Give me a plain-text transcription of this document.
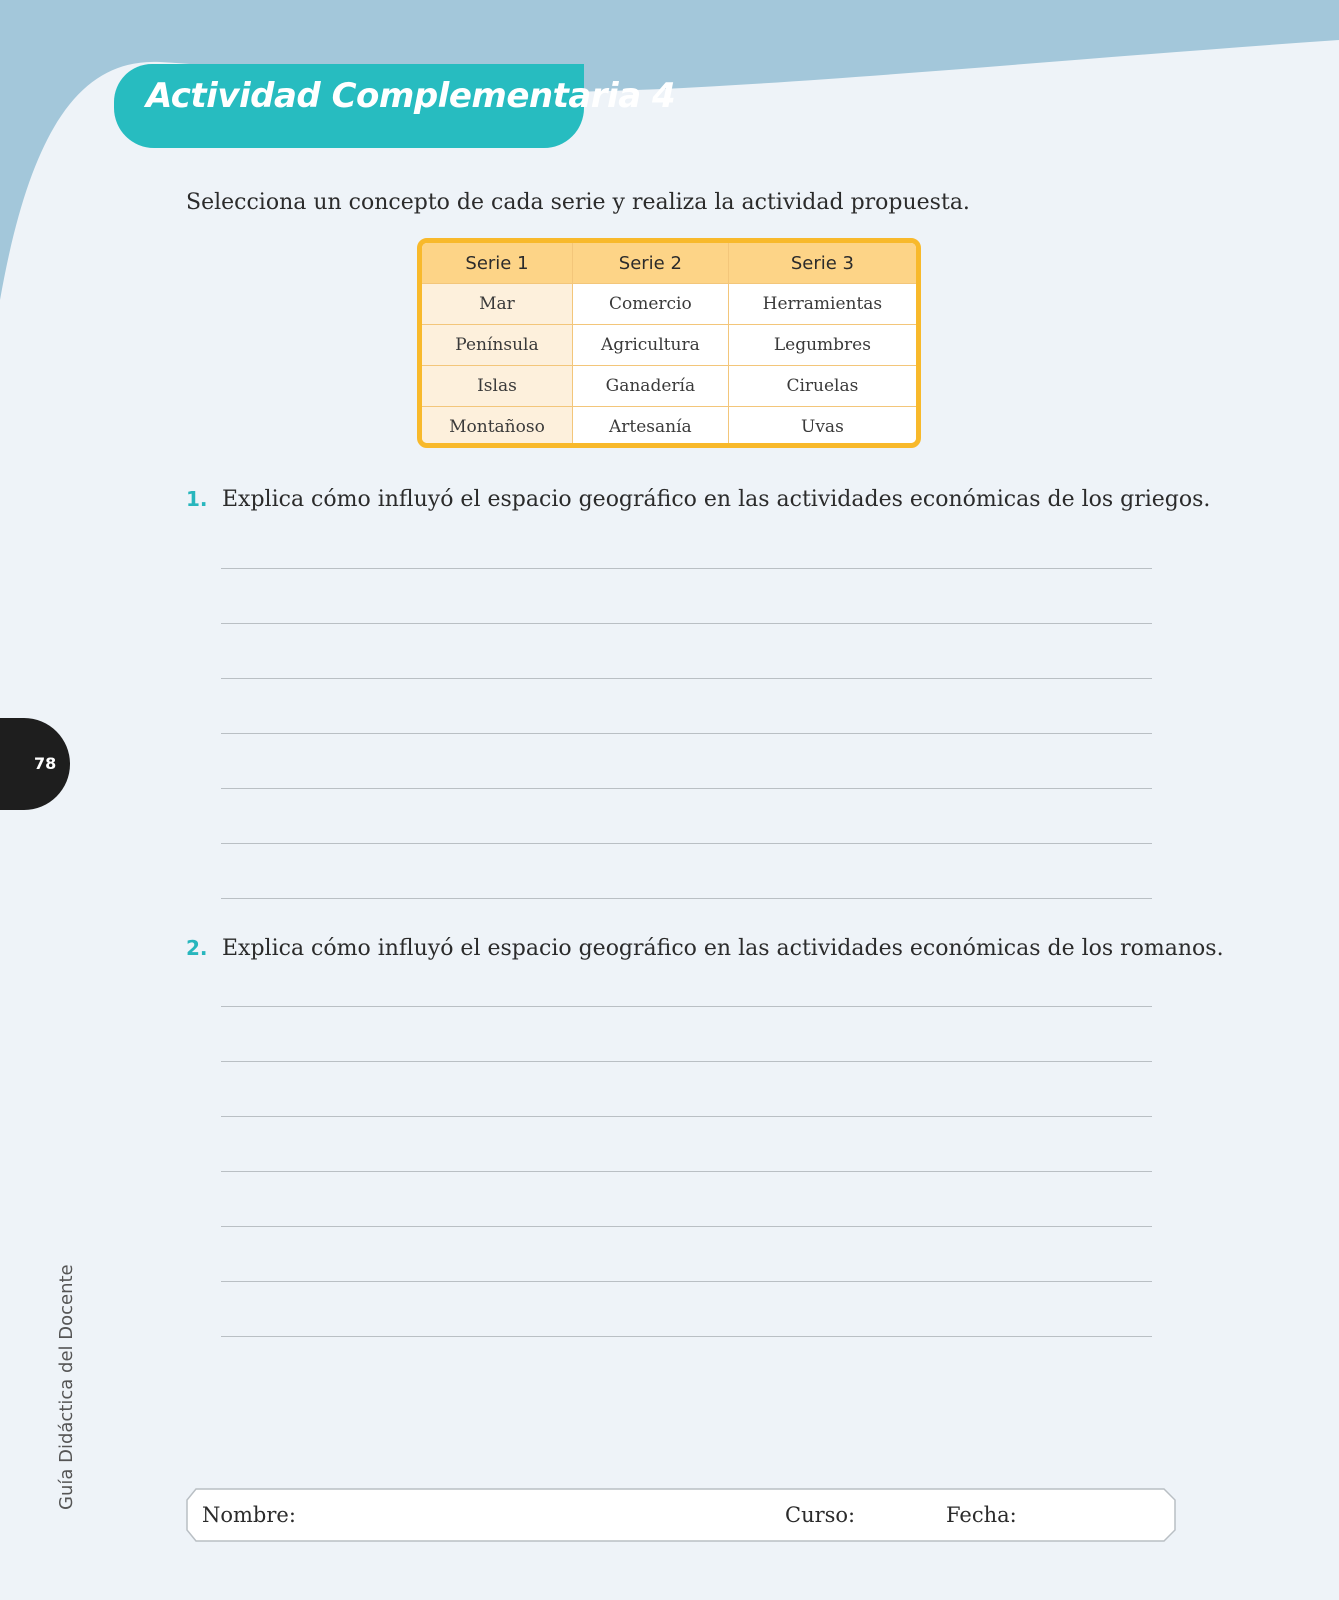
Actividad Complementaria 4
Selecciona un concepto de cada serie y realiza la actividad propuesta.
Serie 1	Serie 2	Serie 3
Mar	Comercio	Herramientas
Península	Agricultura	Legumbres
Islas	Ganadería	Ciruelas
Montañoso	Artesanía	Uvas
1. Explica cómo influyó el espacio geográfico en las actividades económicas de los griegos.
2. Explica cómo influyó el espacio geográfico en las actividades económicas de los romanos.
78
Guía Didáctica del Docente
Nombre:	Curso:	Fecha:
